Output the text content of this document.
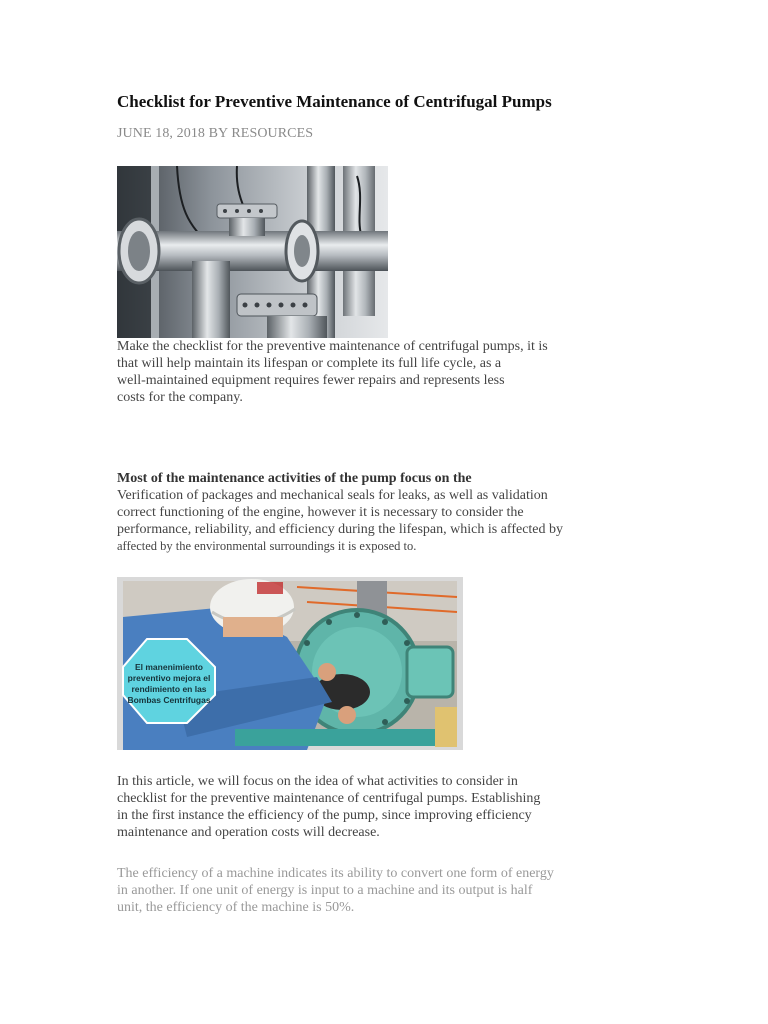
Checklist for Preventive Maintenance of Centrifugal Pumps
JUNE 18, 2018 BY RESOURCES
Make the checklist for the preventive maintenance of centrifugal pumps, it is
that will help maintain its lifespan or complete its full life cycle, as a
well-maintained equipment requires fewer repairs and represents less
costs for the company.
Most of the maintenance activities of the pump focus on the
Verification of packages and mechanical seals for leaks, as well as validation
correct functioning of the engine, however it is necessary to consider the
performance, reliability, and efficiency during the lifespan, which is affected by
affected by the environmental surroundings it is exposed to.
El manenimiento
preventivo mejora el
rendimiento en las
Bombas Centrifugas
In this article, we will focus on the idea of what activities to consider in
checklist for the preventive maintenance of centrifugal pumps. Establishing
in the first instance the efficiency of the pump, since improving efficiency
maintenance and operation costs will decrease.
The efficiency of a machine indicates its ability to convert one form of energy
in another. If one unit of energy is input to a machine and its output is half
unit, the efficiency of the machine is 50%.
